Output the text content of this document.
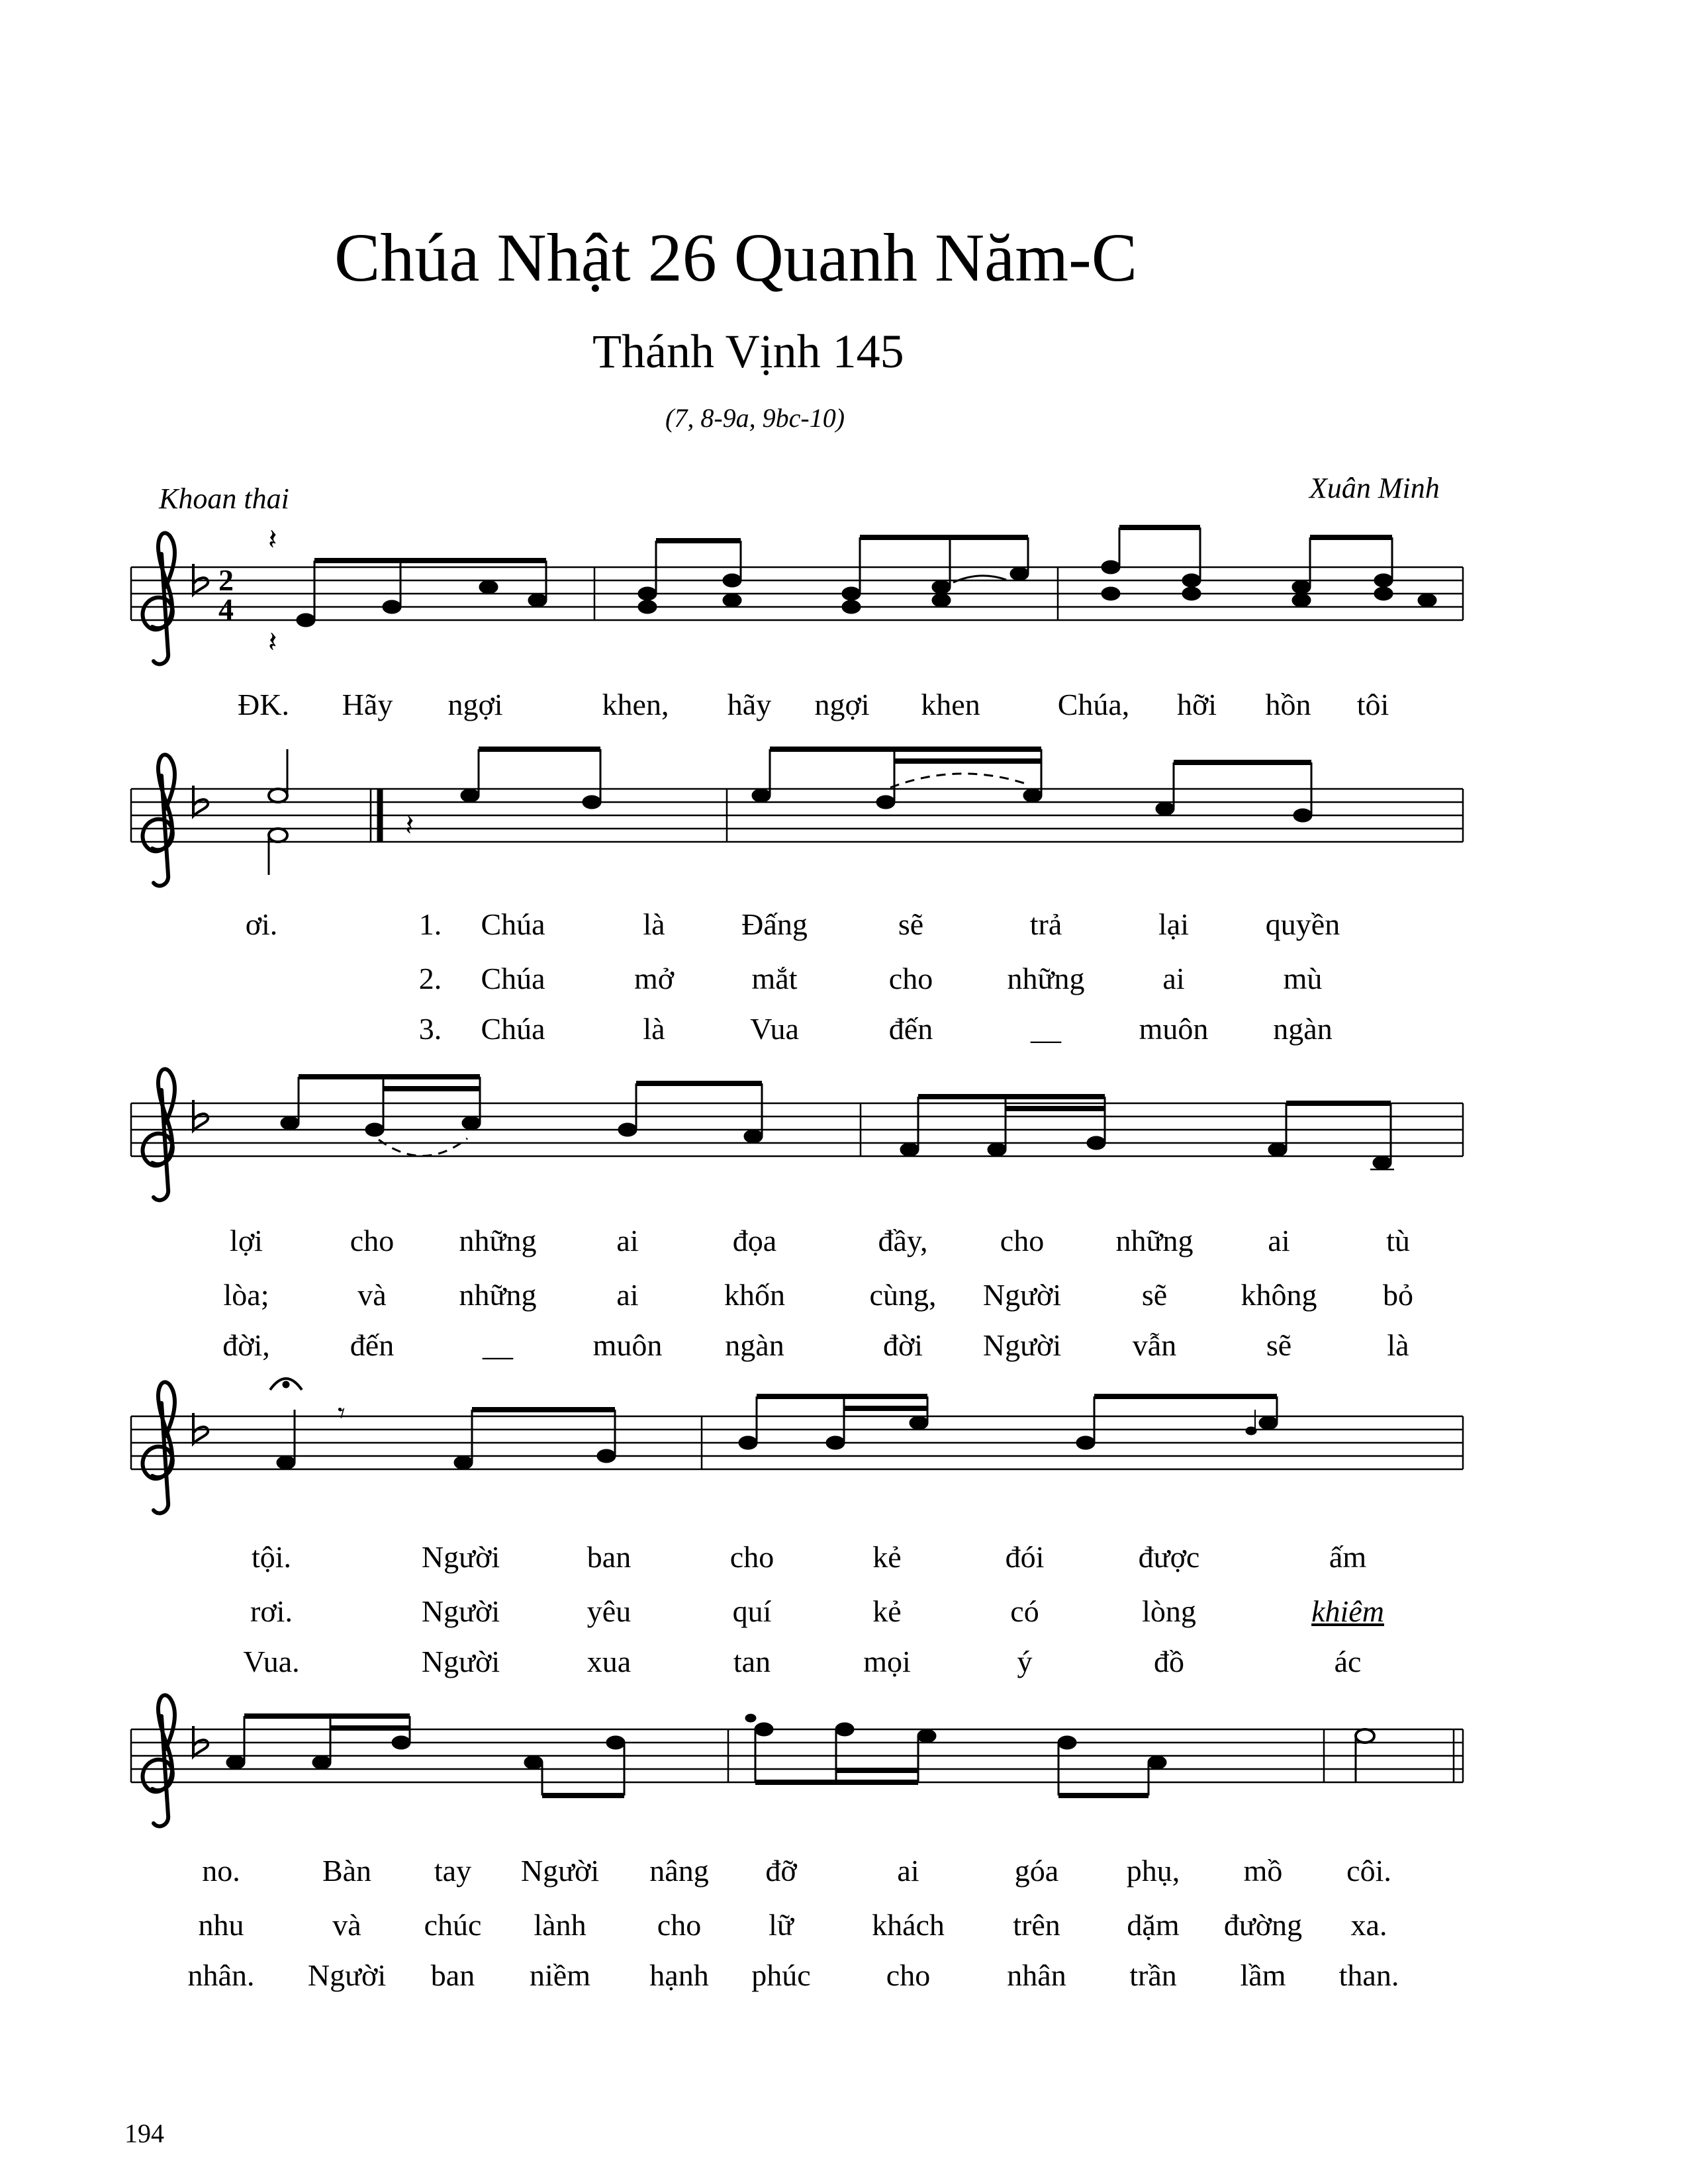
Chúa Nhật 26 Quanh Năm-C
Thánh Vịnh 145
(7, 8-9a, 9bc-10)
Khoan thai	Xuân Minh
2
4
𝄽
𝄽
𝄽
𝄾
ĐK. Hãy ngợi	khen, hãy ngợi khen	Chúa, hỡi hồn tôi
ơi.	1. Chúa	là	Đấng	sẽ	trả	lại	quyền
2. Chúa	mở	mắt	cho những	ai	mù
3. Chúa	là	Vua	đến	__	muôn ngàn
lợi	cho những	ai	đọa	đầy, cho những ai	tù
lòa;	và những	ai	khốn	cùng, Người	sẽ không bỏ
đời,	đến	__	muôn ngàn	đời Người vẫn	sẽ	là
tội.	Người	ban	cho	kẻ	đói	được	ấm
rơi.	Người	yêu	quí	kẻ	có	lòng	khiêm
Vua.	Người	xua	tan	mọi	ý	đồ	ác
no.	Bàn tay Người nâng đỡ	ai	góa phụ, mồ côi.
nhu	và chúc lành cho lữ	khách trên dặm đường xa.
nhân. Người ban niềm hạnh phúc cho	nhân trần lầm than.
194
